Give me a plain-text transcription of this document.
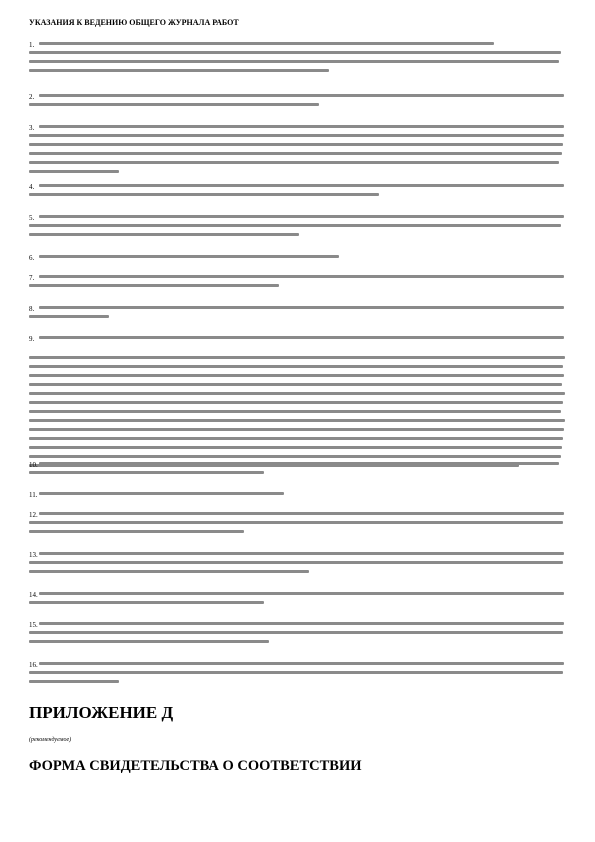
УКАЗАНИЯ К ВЕДЕНИЮ ОБЩЕГО ЖУРНАЛА РАБОТ
1.
2.
3.
4.
5.
6.
7.
8.
9.
10.
11.
12.
13.
14.
15.
16.
ПРИЛОЖЕНИЕ Д
(рекомендуемое)
ФОРМА СВИДЕТЕЛЬСТВА О СООТВЕТСТВИИ
